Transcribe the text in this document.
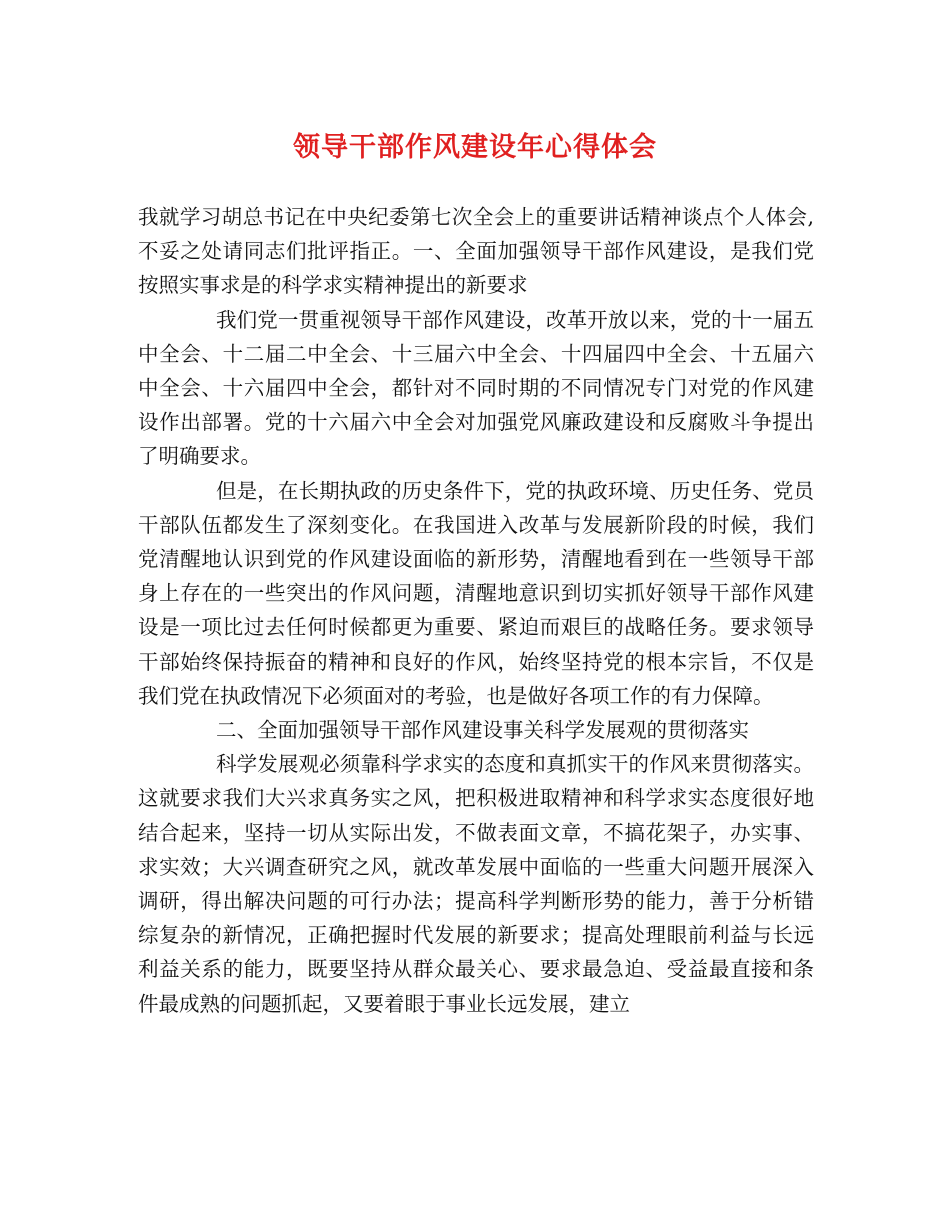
领导干部作风建设年心得体会

我就学习胡总书记在中央纪委第七次全会上的重要讲话精神谈点个人体会,不妥之处请同志们批评指正。一、全面加强领导干部作风建设，是我们党按照实事求是的科学求实精神提出的新要求

我们党一贯重视领导干部作风建设，改革开放以来，党的十一届五中全会、十二届二中全会、十三届六中全会、十四届四中全会、十五届六中全会、十六届四中全会，都针对不同时期的不同情况专门对党的作风建设作出部署。党的十六届六中全会对加强党风廉政建设和反腐败斗争提出了明确要求。

但是，在长期执政的历史条件下，党的执政环境、历史任务、党员干部队伍都发生了深刻变化。在我国进入改革与发展新阶段的时候，我们党清醒地认识到党的作风建设面临的新形势，清醒地看到在一些领导干部身上存在的一些突出的作风问题，清醒地意识到切实抓好领导干部作风建设是一项比过去任何时候都更为重要、紧迫而艰巨的战略任务。要求领导干部始终保持振奋的精神和良好的作风，始终坚持党的根本宗旨，不仅是我们党在执政情况下必须面对的考验，也是做好各项工作的有力保障。

二、全面加强领导干部作风建设事关科学发展观的贯彻落实

科学发展观必须靠科学求实的态度和真抓实干的作风来贯彻落实。这就要求我们大兴求真务实之风，把积极进取精神和科学求实态度很好地结合起来，坚持一切从实际出发，不做表面文章，不搞花架子，办实事、求实效；大兴调查研究之风，就改革发展中面临的一些重大问题开展深入调研，得出解决问题的可行办法；提高科学判断形势的能力，善于分析错综复杂的新情况，正确把握时代发展的新要求；提高处理眼前利益与长远利益关系的能力，既要坚持从群众最关心、要求最急迫、受益最直接和条件最成熟的问题抓起，又要着眼于事业长远发展，建立
